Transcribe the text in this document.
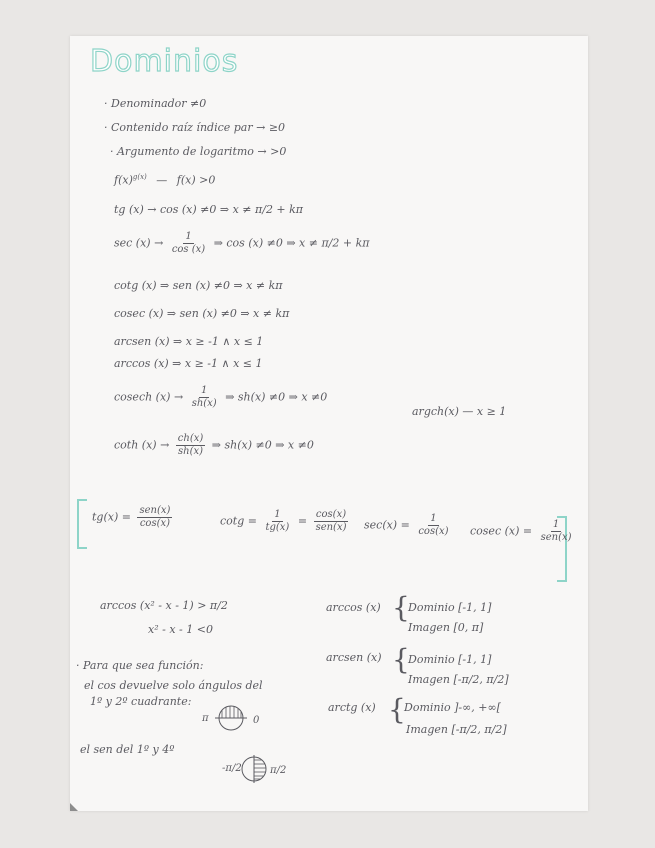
Dominios
· Denominador ≠0
· Contenido raíz índice par → ≥0
· Argumento de logaritmo → >0
$f(x)^{g(x)}$ — f(x) >0
tg (x) → cos (x) ≠0 ⇒ x ≠ π/2 + kπ
$\sec (x) \to \frac{1}{\cos (x)}$ ⇒ cos (x) ≠0 ⇒ x ≠ π/2 + kπ
cotg (x) ⇒ sen (x) ≠0 ⇒ x ≠ kπ
cosec (x) ⇒ sen (x) ≠0 ⇒ x ≠ kπ
arcsen (x) ⇒ x ≥ -1 ∧ x ≤ 1
arccos (x) ⇒ x ≥ -1 ∧ x ≤ 1
cosech $(x) \to \frac{1}{sh(x)}$ ⇒ sh(x) ≠0 ⇒ x ≠0
argch(x) — x ≥ 1
coth $(x) \to \frac{ch(x)}{sh(x)}$ ⇒ sh(x) ≠0 ⇒ x ≠0
$tg(x) = \frac{\text{sen(x)}}{\cos(x)}$	$\cot g = \frac{1}{tg(x)} = \frac{\cos(x)}{\text{sen(x)}} \sec(x) = \frac{1}{\cos(x)}$ cosec $(x) = \frac{1}{\text{sen(x)}}$
arccos (x² - x - 1) > π/2
x² - x - 1 <0
· Para que sea función:
el cos devuelve solo ángulos del
1º y 2º cuadrante:
π	0
el sen del 1º y 4º
-π/2	π/2
arccos (x) {
Dominio [-1, 1]
Imagen [0, π]
arcsen (x) {
Dominio [-1, 1]
Imagen [-π/2, π/2]
arctg (x) {
Dominio ]-∞, +∞[
Imagen [-π/2, π/2]
